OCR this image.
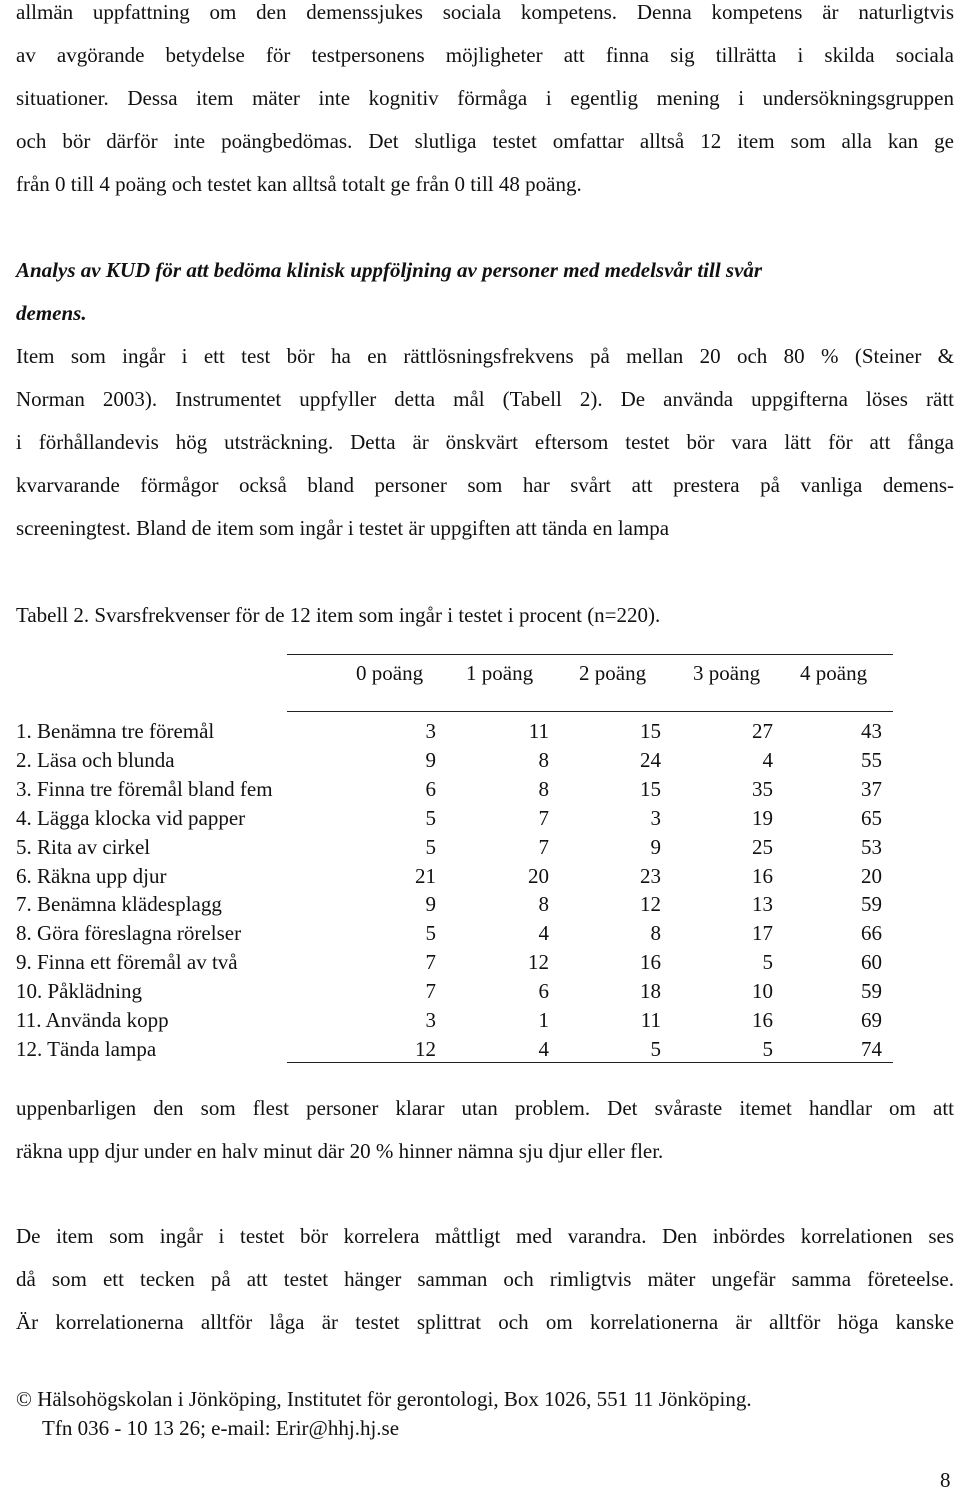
allmän uppfattning om den demenssjukes sociala kompetens. Denna kompetens är naturligtvis
av avgörande betydelse för testpersonens möjligheter att finna sig tillrätta i skilda sociala
situationer. Dessa item mäter inte kognitiv förmåga i egentlig mening i undersökningsgruppen
och bör därför inte poängbedömas. Det slutliga testet omfattar alltså 12 item som alla kan ge
från 0 till 4 poäng och testet kan alltså totalt ge från 0 till 48 poäng.
Analys av KUD för att bedöma klinisk uppföljning av personer med medelsvår till svår
demens.
Item som ingår i ett test bör ha en rättlösningsfrekvens på mellan 20 och 80 % (Steiner &
Norman 2003). Instrumentet uppfyller detta mål (Tabell 2). De använda uppgifterna löses rätt
i förhållandevis hög utsträckning. Detta är önskvärt eftersom testet bör vara lätt för att fånga
kvarvarande förmågor också bland personer som har svårt att prestera på vanliga demens-
screeningtest. Bland de item som ingår i testet är uppgiften att tända en lampa
Tabell 2. Svarsfrekvenser för de 12 item som ingår i testet i procent (n=220).
0 poäng 1 poäng 2 poäng 3 poäng 4 poäng
1. Benämna tre föremål	3	11	15	27	43
2. Läsa och blunda	9	8	24	4	55
3. Finna tre föremål bland fem	6	8	15	35	37
4. Lägga klocka vid papper	5	7	3	19	65
5. Rita av cirkel	5	7	9	25	53
6. Räkna upp djur	21	20	23	16	20
7. Benämna klädesplagg	9	8	12	13	59
8. Göra föreslagna rörelser	5	4	8	17	66
9. Finna ett föremål av två	7	12	16	5	60
10. Påklädning	7	6	18	10	59
11. Använda kopp	3	1	11	16	69
12. Tända lampa	12	4	5	5	74
uppenbarligen den som flest personer klarar utan problem. Det svåraste itemet handlar om att
räkna upp djur under en halv minut där 20 % hinner nämna sju djur eller fler.
De item som ingår i testet bör korrelera måttligt med varandra. Den inbördes korrelationen ses
då som ett tecken på att testet hänger samman och rimligtvis mäter ungefär samma företeelse.
Är korrelationerna alltför låga är testet splittrat och om korrelationerna är alltför höga kanske
© Hälsohögskolan i Jönköping, Institutet för gerontologi, Box 1026, 551 11 Jönköping.
Tfn 036 - 10 13 26; e-mail: Erir@hhj.hj.se
8
